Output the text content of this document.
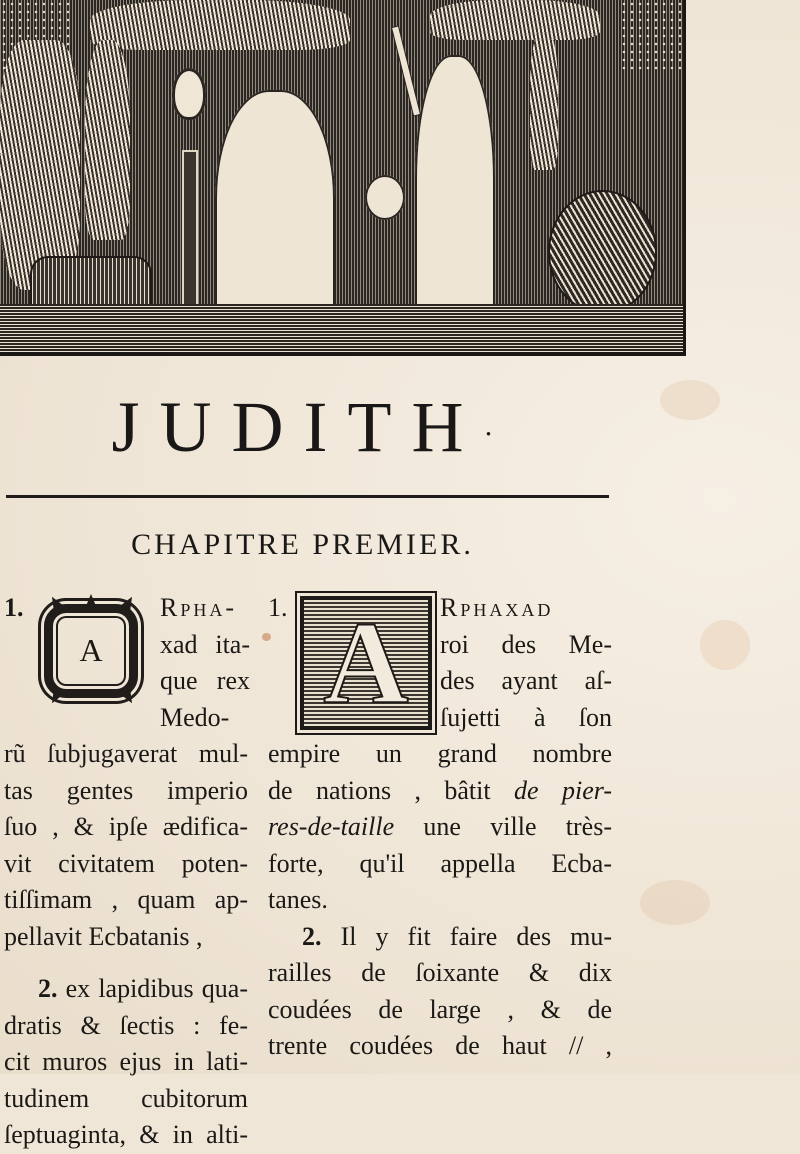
JUDITH·
CHAPITRE PREMIER.
1.
A
Rpha-
xad ita-
que rex
Medo-
rũ ſubjugaverat mul-
tas gentes imperio
ſuo , & ipſe ædifica-
vit civitatem poten-
tiſſimam , quam ap-
pellavit Ecbatanis ,
2. ex lapidibus qua-
dratis & ſectis : fe-
cit muros ejus in lati-
tudinem cubitorum
ſeptuaginta, & in alti-
1. A	Rphaxad
roi des Me-
des ayant aſ-
ſujetti à ſon
empire un grand nombre
de nations , bâtit de pier-
res-de-taille une ville très-
forte, qu'il appella Ecba-
tanes.
2. Il y fit faire des mu-
railles de ſoixante & dix
coudées de large , & de
trente coudées de haut // ,
